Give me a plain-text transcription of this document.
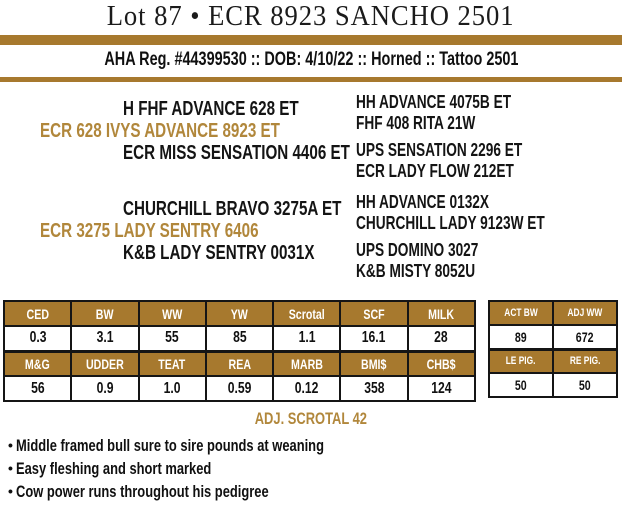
Lot 87 • ECR 8923 SANCHO 2501
AHA Reg. #44399530 :: DOB: 4/10/22 :: Horned :: Tattoo 2501
H FHF ADVANCE 628 ET
ECR 628 IVYS ADVANCE 8923 ET
ECR MISS SENSATION 4406 ET
HH ADVANCE 4075B ET
FHF 408 RITA 21W
UPS SENSATION 2296 ET
ECR LADY FLOW 212ET
CHURCHILL BRAVO 3275A ET
ECR 3275 LADY SENTRY 6406
K&B LADY SENTRY 0031X
HH ADVANCE 0132X
CHURCHILL LADY 9123W ET
UPS DOMINO 3027
K&B MISTY 8052U
CED	BW	WW	YW	Scrotal	SCF	MILK
0.3	3.1	55	85	1.1	16.1	28
M&G	UDDER	TEAT	REA	MARB	BMI$	CHB$
56	0.9	1.0	0.59	0.12	358	124
ACT BW	ADJ WW
89	672
LE PIG.	RE PIG.
50	50
ADJ. SCROTAL 42
• Middle framed bull sure to sire pounds at weaning
• Easy fleshing and short marked
• Cow power runs throughout his pedigree
